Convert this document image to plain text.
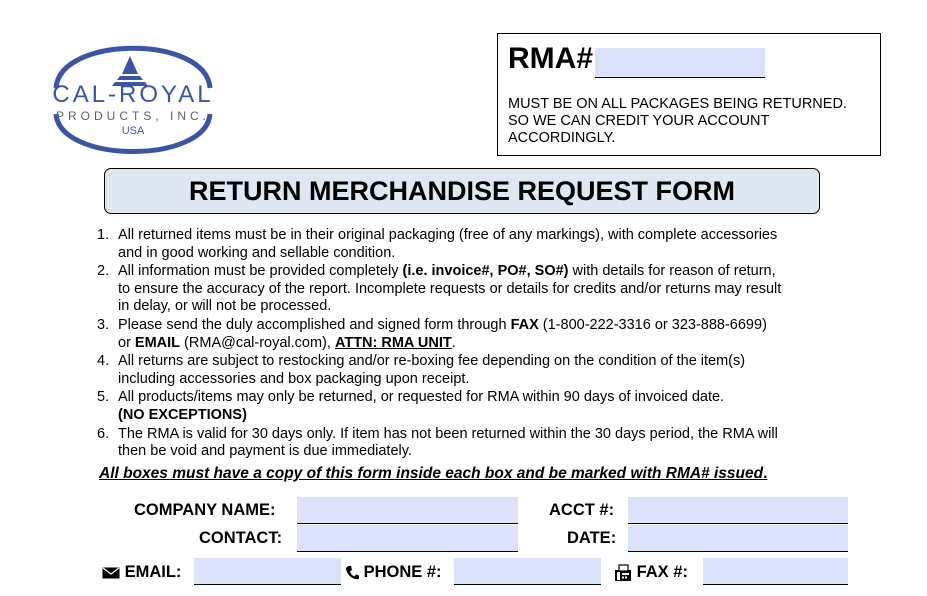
CAL-ROYAL
PRODUCTS, INC.
USA
RMA#
MUST BE ON ALL PACKAGES BEING RETURNED.
SO WE CAN CREDIT YOUR ACCOUNT
ACCORDINGLY.
RETURN MERCHANDISE REQUEST FORM
1. All returned items must be in their original packaging (free of any markings), with complete accessories
and in good working and sellable condition.
2. All information must be provided completely (i.e. invoice#, PO#, SO#) with details for reason of return,
to ensure the accuracy of the report. Incomplete requests or details for credits and/or returns may result
in delay, or will not be processed.
3. Please send the duly accomplished and signed form through FAX (1-800-222-3316 or 323-888-6699)
or EMAIL (RMA@cal-royal.com), ATTN: RMA UNIT.
4. All returns are subject to restocking and/or re-boxing fee depending on the condition of the item(s)
including accessories and box packaging upon receipt.
5. All products/items may only be returned, or requested for RMA within 90 days of invoiced date.
(NO EXCEPTIONS)
6. The RMA is valid for 30 days only. If item has not been returned within the 30 days period, the RMA will
then be void and payment is due immediately.
All boxes must have a copy of this form inside each box and be marked with RMA# issued.
COMPANY NAME:	ACCT #:
CONTACT:	DATE:
EMAIL:	PHONE #:	FAX #:
